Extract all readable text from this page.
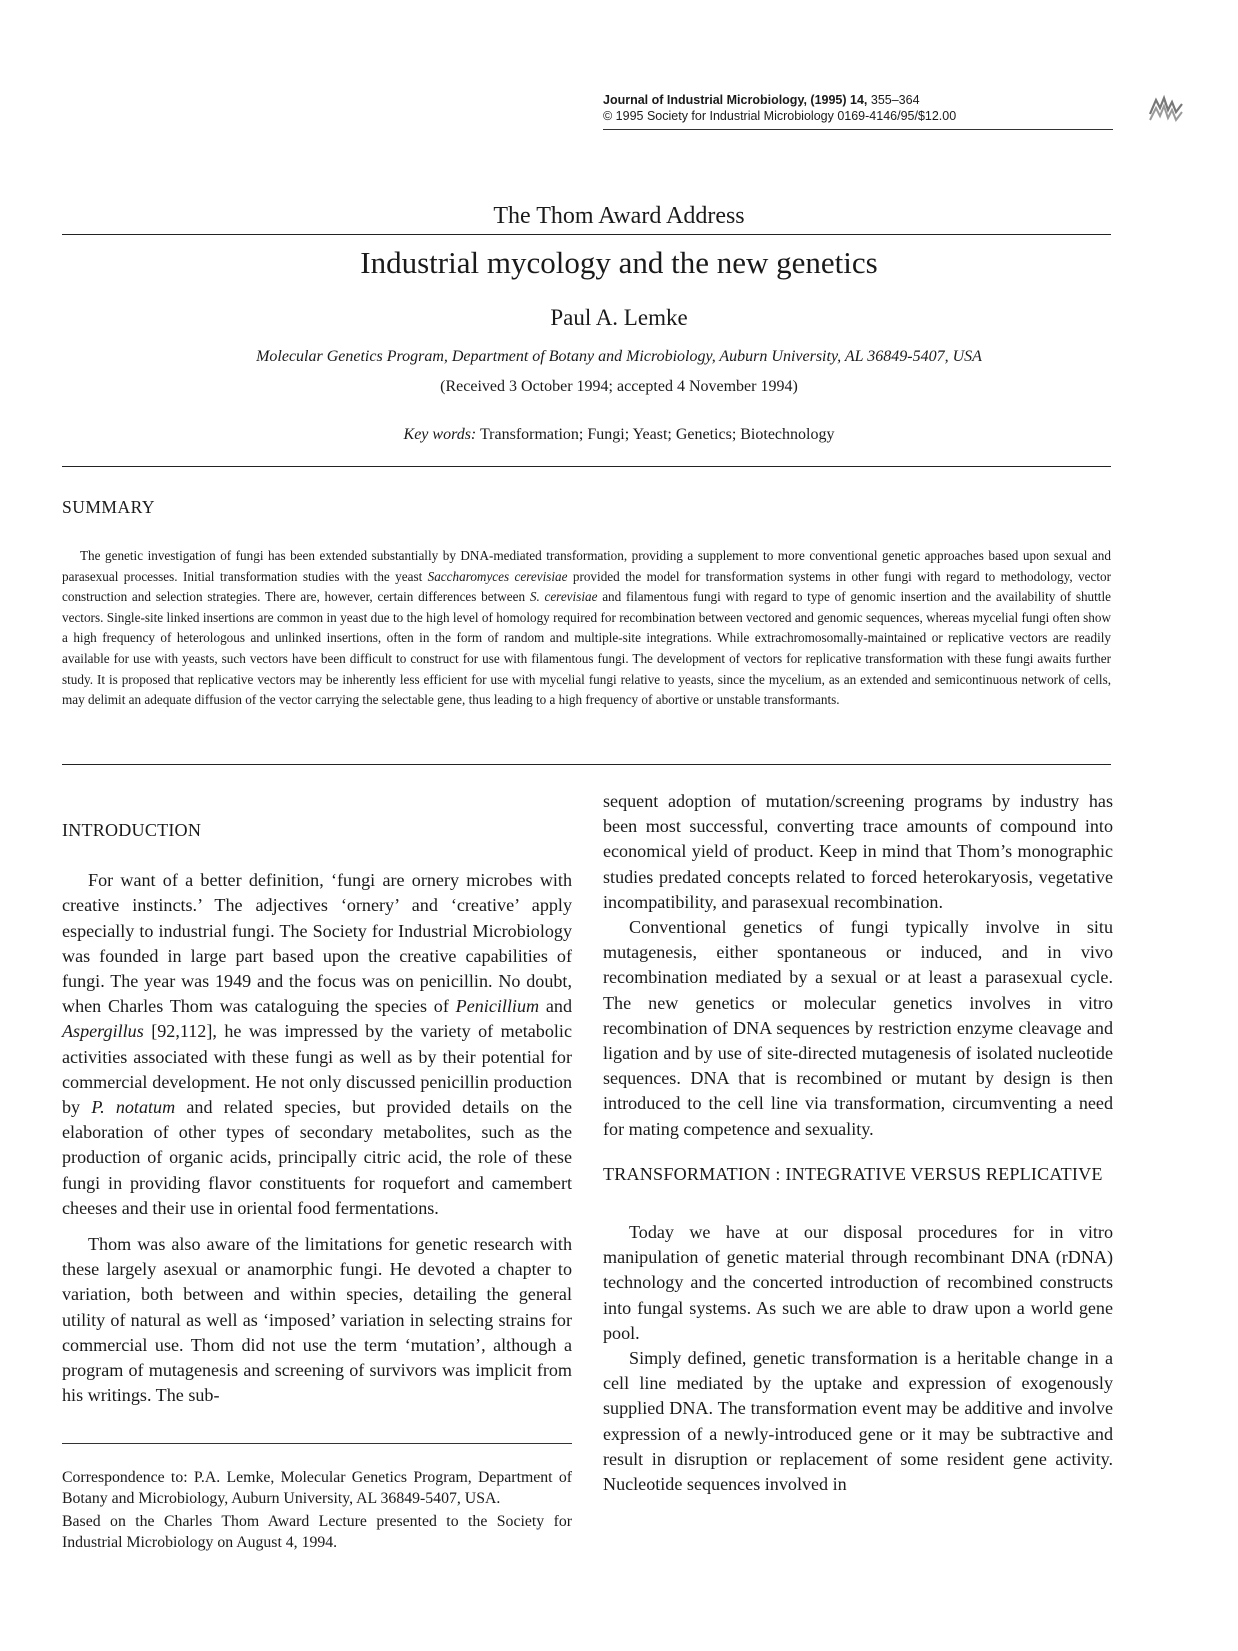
Journal of Industrial Microbiology, (1995) 14, 355–364
© 1995 Society for Industrial Microbiology 0169-4146/95/$12.00
The Thom Award Address
Industrial mycology and the new genetics
Paul A. Lemke
Molecular Genetics Program, Department of Botany and Microbiology, Auburn University, AL 36849-5407, USA
(Received 3 October 1994; accepted 4 November 1994)
Key words: Transformation; Fungi; Yeast; Genetics; Biotechnology
SUMMARY

The genetic investigation of fungi has been extended substantially by DNA-mediated transformation, providing a supplement to more conventional genetic approaches based upon sexual and parasexual processes. Initial transformation studies with the yeast Saccharomyces cerevisiae provided the model for transformation systems in other fungi with regard to methodology, vector construction and selection strategies. There are, however, certain differences between S. cerevisiae and filamentous fungi with regard to type of genomic insertion and the availability of shuttle vectors. Single-site linked insertions are common in yeast due to the high level of homology required for recombination between vectored and genomic sequences, whereas mycelial fungi often show a high frequency of heterologous and unlinked insertions, often in the form of random and multiple-site integrations. While extrachromosomally-maintained or replicative vectors are readily available for use with yeasts, such vectors have been difficult to construct for use with filamentous fungi. The development of vectors for replicative transformation with these fungi awaits further study. It is proposed that replicative vectors may be inherently less efficient for use with mycelial fungi relative to yeasts, since the mycelium, as an extended and semicontinuous network of cells, may delimit an adequate diffusion of the vector carrying the selectable gene, thus leading to a high frequency of abortive or unstable transformants.

INTRODUCTION

For want of a better definition, ‘fungi are ornery microbes with creative instincts.’ The adjectives ‘ornery’ and ‘creative’ apply especially to industrial fungi. The Society for Industrial Microbiology was founded in large part based upon the creative capabilities of fungi. The year was 1949 and the focus was on penicillin. No doubt, when Charles Thom was cataloguing the species of Penicillium and Aspergillus [92,112], he was impressed by the variety of metabolic activities associated with these fungi as well as by their potential for commercial development. He not only discussed penicillin production by P. notatum and related species, but provided details on the elaboration of other types of secondary metabolites, such as the production of organic acids, principally citric acid, the role of these fungi in providing flavor constituents for roquefort and camembert cheeses and their use in oriental food fermentations.

Thom was also aware of the limitations for genetic research with these largely asexual or anamorphic fungi. He devoted a chapter to variation, both between and within species, detailing the general utility of natural as well as ‘imposed’ variation in selecting strains for commercial use. Thom did not use the term ‘mutation’, although a program of mutagenesis and screening of survivors was implicit from his writings. The sub-

sequent adoption of mutation/screening programs by industry has been most successful, converting trace amounts of compound into economical yield of product. Keep in mind that Thom’s monographic studies predated concepts related to forced heterokaryosis, vegetative incompatibility, and parasexual recombination.

Conventional genetics of fungi typically involve in situ mutagenesis, either spontaneous or induced, and in vivo recombination mediated by a sexual or at least a parasexual cycle. The new genetics or molecular genetics involves in vitro recombination of DNA sequences by restriction enzyme cleavage and ligation and by use of site-directed mutagenesis of isolated nucleotide sequences. DNA that is recombined or mutant by design is then introduced to the cell line via transformation, circumventing a need for mating competence and sexuality.

TRANSFORMATION : INTEGRATIVE VERSUS REPLICATIVE

Today we have at our disposal procedures for in vitro manipulation of genetic material through recombinant DNA (rDNA) technology and the concerted introduction of recombined constructs into fungal systems. As such we are able to draw upon a world gene pool.

Simply defined, genetic transformation is a heritable change in a cell line mediated by the uptake and expression of exogenously supplied DNA. The transformation event may be additive and involve expression of a newly-introduced gene or it may be subtractive and result in disruption or replacement of some resident gene activity. Nucleotide sequences involved in

Correspondence to: P.A. Lemke, Molecular Genetics Program, Department of Botany and Microbiology, Auburn University, AL 36849-5407, USA.

Based on the Charles Thom Award Lecture presented to the Society for Industrial Microbiology on August 4, 1994.
